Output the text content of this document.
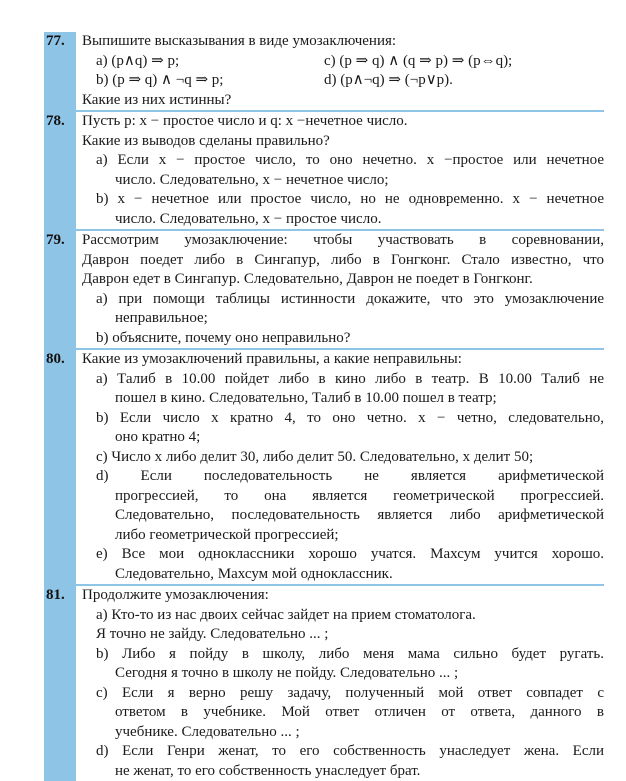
77.	Выпишите высказывания в виде умозаключения:
a) (p∧q) ⇒ p;	c) (p ⇒ q) ∧ (q ⇒ p) ⇒ (p⇔q);
b) (p ⇒ q) ∧ ¬q ⇒ p;	d) (p∧¬q) ⇒ (¬p∨p).
Какие из них истинны?
78.	Пусть p: x − простое число и q: x −нечетное число.
Какие из выводов сделаны правильно?
a) Если x − простое число, то оно нечетно. x −простое или нечетное
число. Следовательно, x − нечетное число;
b) x − нечетное или простое число, но не одновременно. x − нечетное
число. Следовательно, x − простое число.
79.	Рассмотрим умозаключение: чтобы участвовать в соревновании,
Даврон поедет либо в Сингапур, либо в Гонгконг. Стало известно, что
Даврон едет в Сингапур. Следовательно, Даврон не поедет в Гонгконг.
a) при помощи таблицы истинности докажите, что это умозаключение
неправильное;
b) объясните, почему оно неправильно?
80.	Какие из умозаключений правильны, а какие неправильны:
a) Талиб в 10.00 пойдет либо в кино либо в театр. В 10.00 Талиб не
пошел в кино. Следовательно, Талиб в 10.00 пошел в театр;
b) Если число x кратно 4, то оно четно. x − четно, следовательно,
оно кратно 4;
c) Число x либо делит 30, либо делит 50. Следовательно, x делит 50;
d) Если последовательность не является арифметической
прогрессией, то она является геометрической прогрессией.
Следовательно, последовательность является либо арифметической
либо геометрической прогрессией;
e) Все мои одноклассники хорошо учатся. Махсум учится хорошо.
Следовательно, Махсум мой одноклассник.
81.	Продолжите умозаключения:
a) Кто-то из нас двоих сейчас зайдет на прием стоматолога.
Я точно не зайду. Следовательно ... ;
b) Либо я пойду в школу, либо меня мама сильно будет ругать.
Сегодня я точно в школу не пойду. Следовательно ... ;
c) Если я верно решу задачу, полученный мой ответ совпадет с
ответом в учебнике. Мой ответ отличен от ответа, данного в
учебнике. Следовательно ... ;
d) Если Генри женат, то его собственность унаследует жена. Если
не женат, то его собственность унаследует брат.
